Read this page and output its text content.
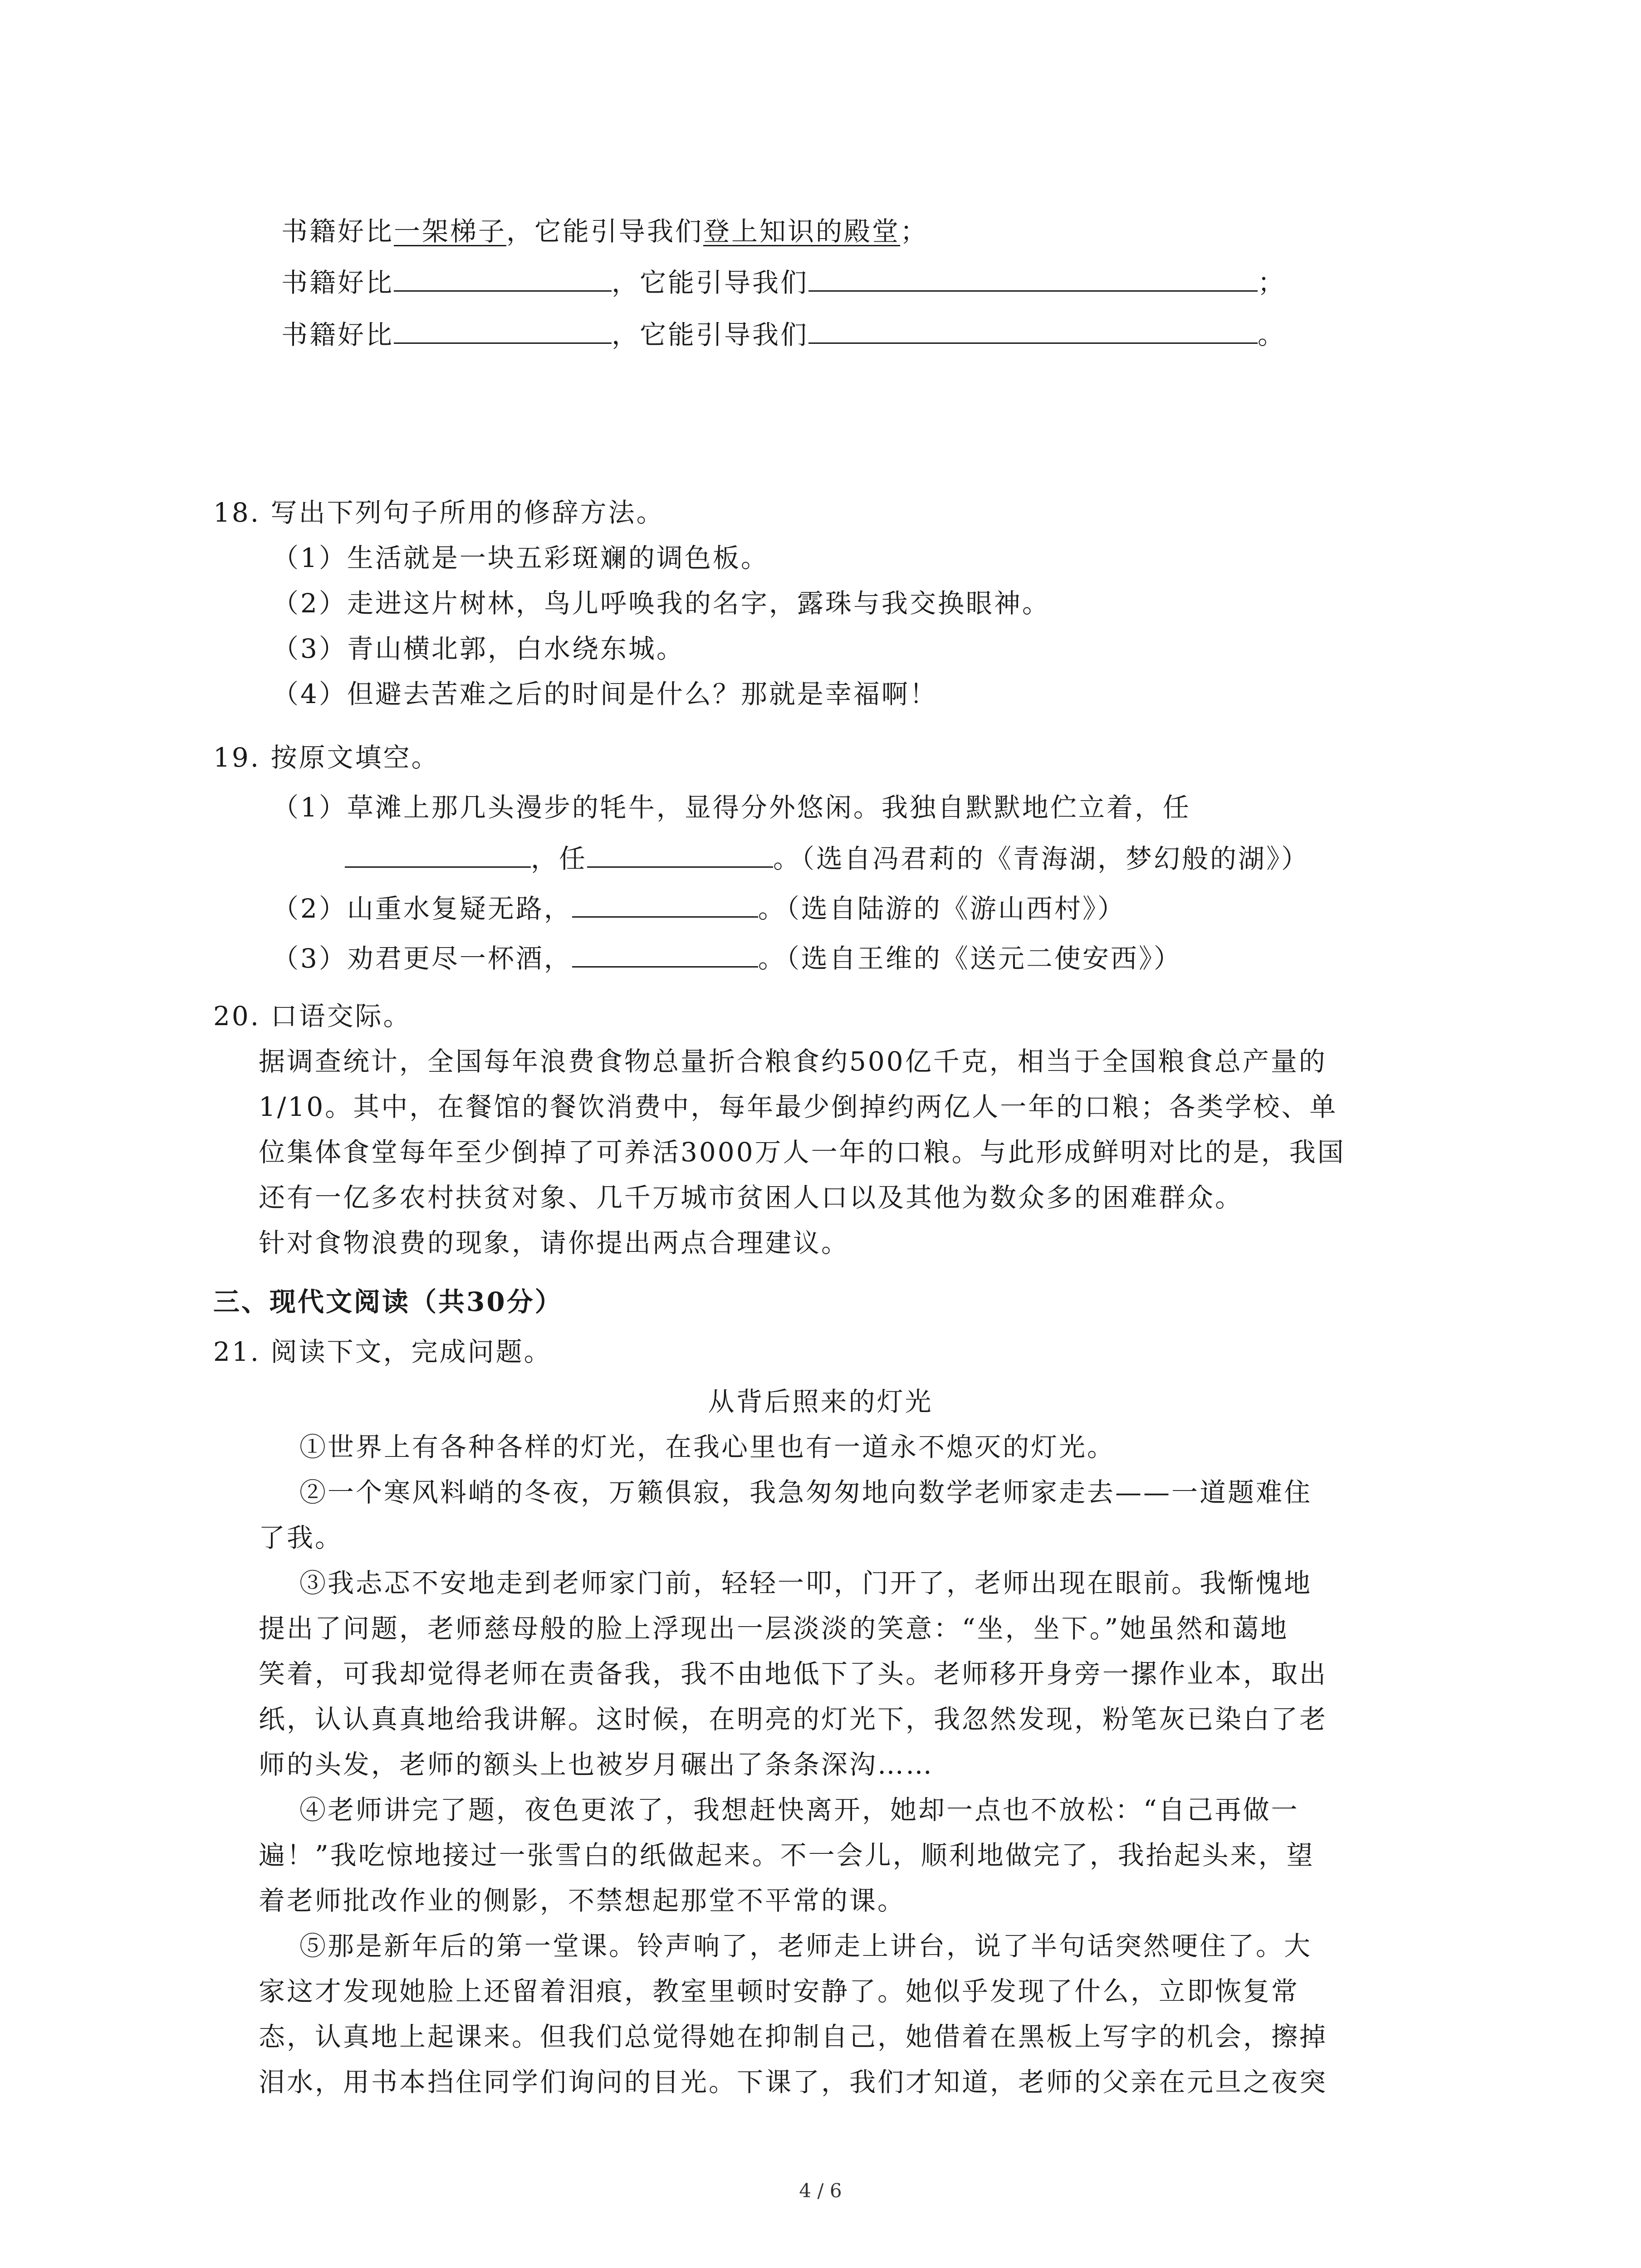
书籍好比一架梯子，它能引导我们登上知识的殿堂；
书籍好比	，它能引导我们	；
书籍好比	，它能引导我们	。
18. 写出下列句子所用的修辞方法。
（1）生活就是一块五彩斑斓的调色板。
（2）走进这片树林，鸟儿呼唤我的名字，露珠与我交换眼神。
（3）青山横北郭，白水绕东城。
（4）但避去苦难之后的时间是什么？那就是幸福啊！
19. 按原文填空。
（1）草滩上那几头漫步的牦牛，显得分外悠闲。我独自默默地伫立着，任
，任	。（选自冯君莉的《青海湖，梦幻般的湖》）
（2）山重水复疑无路，	。（选自陆游的《游山西村》）
（3）劝君更尽一杯酒，	。（选自王维的《送元二使安西》）
20. 口语交际。
据调查统计，全国每年浪费食物总量折合粮食约500亿千克，相当于全国粮食总产量的
1/10。其中，在餐馆的餐饮消费中，每年最少倒掉约两亿人一年的口粮；各类学校、单
位集体食堂每年至少倒掉了可养活3000万人一年的口粮。与此形成鲜明对比的是，我国
还有一亿多农村扶贫对象、几千万城市贫困人口以及其他为数众多的困难群众。
针对食物浪费的现象，请你提出两点合理建议。
三、现代文阅读（共30分）
21. 阅读下文，完成问题。
从背后照来的灯光
①世界上有各种各样的灯光，在我心里也有一道永不熄灭的灯光。
②一个寒风料峭的冬夜，万籁俱寂，我急匆匆地向数学老师家走去——一道题难住
了我。
③我忐忑不安地走到老师家门前，轻轻一叩，门开了，老师出现在眼前。我惭愧地
提出了问题，老师慈母般的脸上浮现出一层淡淡的笑意：“坐，坐下。”她虽然和蔼地
笑着，可我却觉得老师在责备我，我不由地低下了头。老师移开身旁一摞作业本，取出
纸，认认真真地给我讲解。这时候，在明亮的灯光下，我忽然发现，粉笔灰已染白了老
师的头发，老师的额头上也被岁月碾出了条条深沟……
④老师讲完了题，夜色更浓了，我想赶快离开，她却一点也不放松：“自己再做一
遍！”我吃惊地接过一张雪白的纸做起来。不一会儿，顺利地做完了，我抬起头来，望
着老师批改作业的侧影，不禁想起那堂不平常的课。
⑤那是新年后的第一堂课。铃声响了，老师走上讲台，说了半句话突然哽住了。大
家这才发现她脸上还留着泪痕，教室里顿时安静了。她似乎发现了什么，立即恢复常
态，认真地上起课来。但我们总觉得她在抑制自己，她借着在黑板上写字的机会，擦掉
泪水，用书本挡住同学们询问的目光。下课了，我们才知道，老师的父亲在元旦之夜突
4 / 6
